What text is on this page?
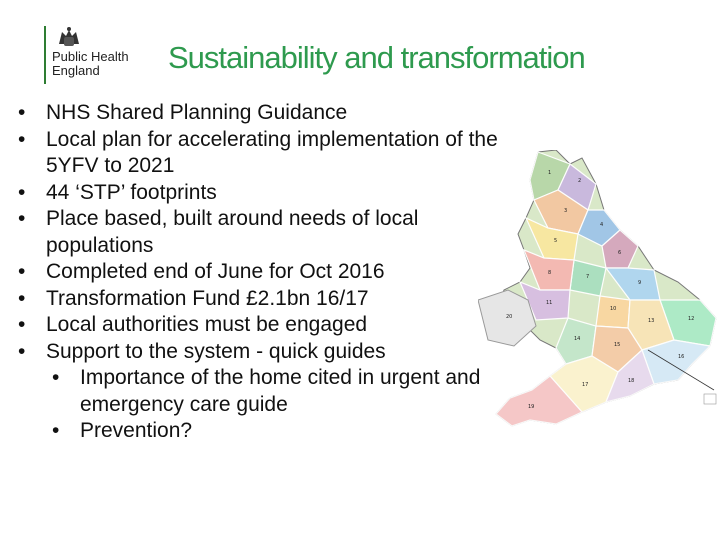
Public Health
England	Sustainability and transformation
• NHS Shared Planning Guidance
• Local plan for accelerating implementation of the 5YFV to 2021
• 44 ‘STP’ footprints
• Place based, built around needs of local populations
• Completed end of June for Oct 2016
• Transformation Fund £2.1bn 16/17
• Local authorities must be engaged
• Support to the system - quick guides
• Importance of the home cited in urgent and emergency care guide
• Prevention?
1
2
3
4
5
6
7
8
9
10
11
12
13
14
15
16
17
18
19
20
